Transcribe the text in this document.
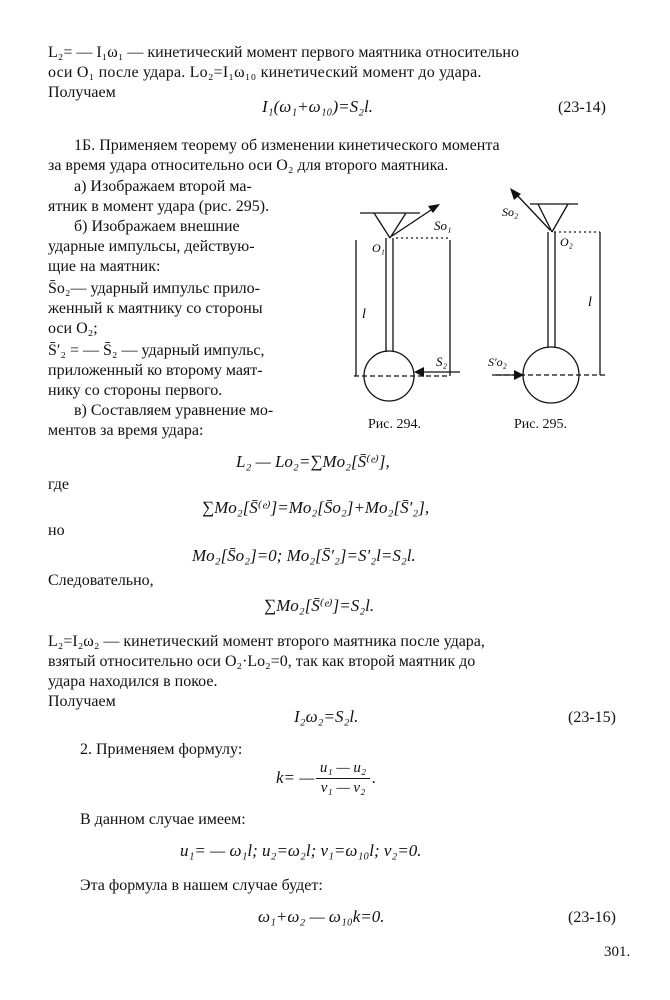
L₂= — I₁ω₁ — кинетический момент первого маятника относительно
оси O₁ после удара. Lo₂=I₁ω₁₀ кинетический момент до удара.
Получаем
I₁(ω₁+ω₁₀)=S₂l.	(23-14)
1Б. Применяем теорему об изменении кинетического момента
за время удара относительно оси O₂ для второго маятника.
а) Изображаем второй ма-
ятник в момент удара (рис. 295).
б) Изображаем внешние
ударные импульсы, действую-
щие на маятник:
S̄o₂— ударный импульс прило-
женный к маятнику со стороны
оси O₂;
S̄′₂ = — S̄₂ — ударный импульс,
приложенный ко второму маят-
нику со стороны первого.
в) Составляем уравнение мо-
ментов за время удара:
So₁
O₁
l
S₂
Рис. 294.
So₂
O₂
l
S′o₂
Рис. 295.
L₂ — Lo₂=∑Mo₂[S̄⁽ᵉ⁾],
где
∑Mo₂[S̄⁽ᵉ⁾]=Mo₂[S̄o₂]+Mo₂[S̄′₂],
но
Mo₂[S̄o₂]=0; Mo₂[S̄′₂]=S′₂l=S₂l.
Следовательно,
∑Mo₂[S̄⁽ᵉ⁾]=S₂l.
L₂=I₂ω₂ — кинетический момент второго маятника после удара,
взятый относительно оси O₂·Lo₂=0, так как второй маятник до
удара находился в покое.
Получаем
I₂ω₂=S₂l.	(23-15)
2. Применяем формулу:
k= — u₁ — u₂
v₁ — v₂
.
В данном случае имеем:
u₁= — ω₁l; u₂=ω₂l; v₁=ω₁₀l; v₂=0.
Эта формула в нашем случае будет:
ω₁+ω₂ — ω₁₀k=0.	(23-16)
301.
